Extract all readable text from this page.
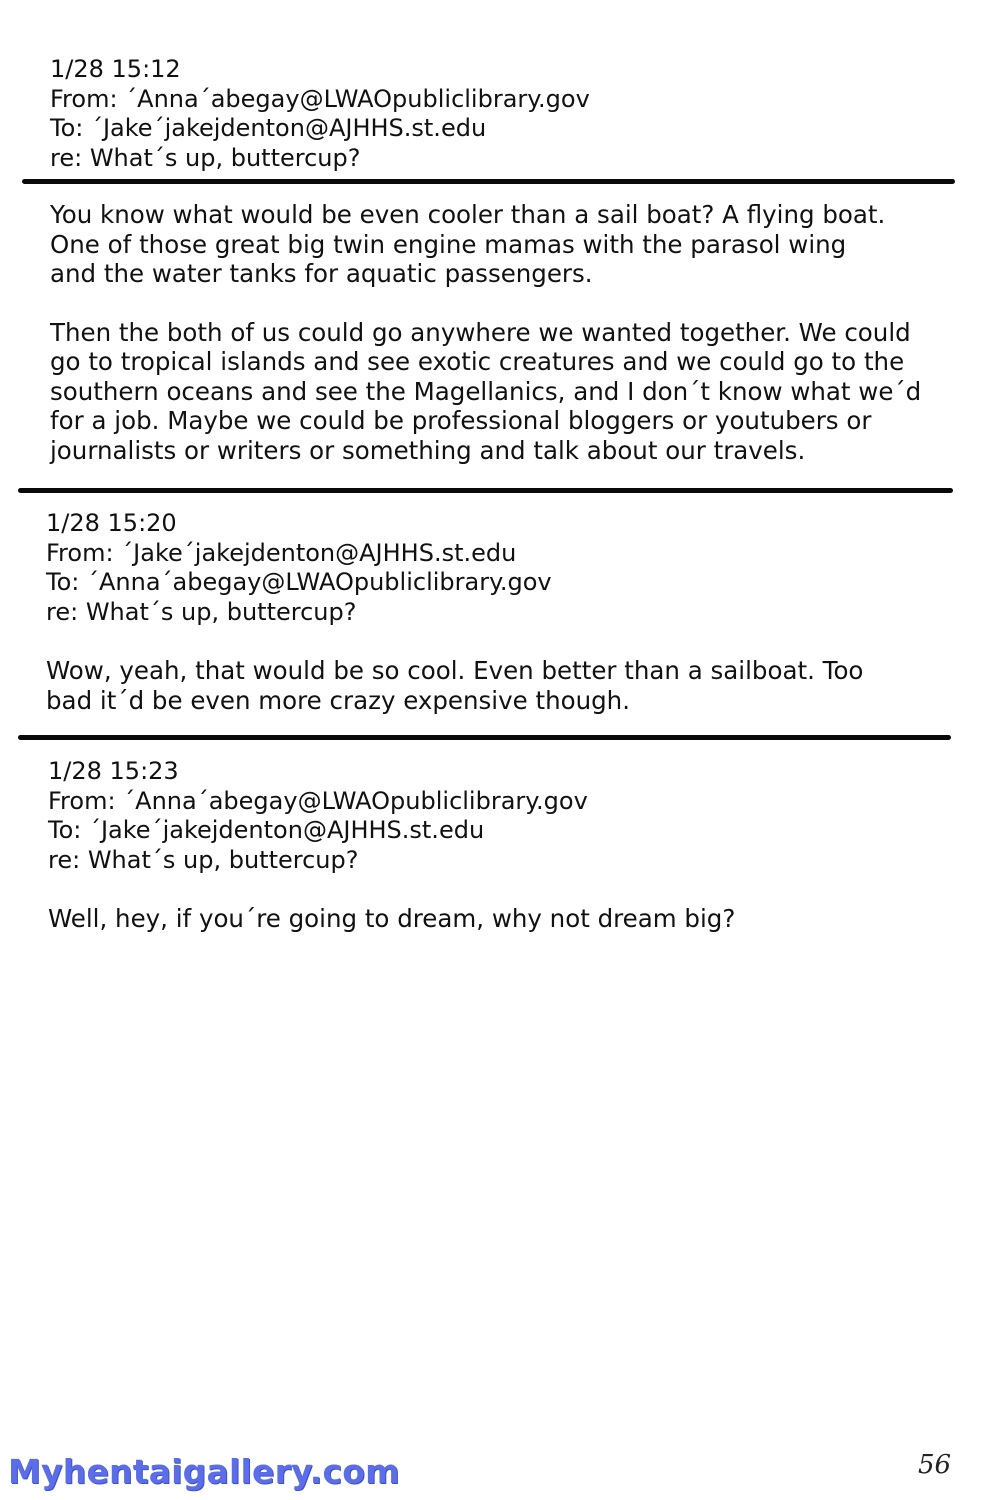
1/28 15:12
From: ´Anna´abegay@LWAOpubliclibrary.gov
To: ´Jake´jakejdenton@AJHHS.st.edu
re: What´s up, buttercup?
You know what would be even cooler than a sail boat? A flying boat.
One of those great big twin engine mamas with the parasol wing
and the water tanks for aquatic passengers.
Then the both of us could go anywhere we wanted together. We could
go to tropical islands and see exotic creatures and we could go to the
southern oceans and see the Magellanics, and I don´t know what we´d
for a job. Maybe we could be professional bloggers or youtubers or
journalists or writers or something and talk about our travels.
1/28 15:20
From: ´Jake´jakejdenton@AJHHS.st.edu
To: ´Anna´abegay@LWAOpubliclibrary.gov
re: What´s up, buttercup?
Wow, yeah, that would be so cool. Even better than a sailboat. Too
bad it´d be even more crazy expensive though.
1/28 15:23
From: ´Anna´abegay@LWAOpubliclibrary.gov
To: ´Jake´jakejdenton@AJHHS.st.edu
re: What´s up, buttercup?
Well, hey, if you´re going to dream, why not dream big?
Myhentaigallery.com	56
